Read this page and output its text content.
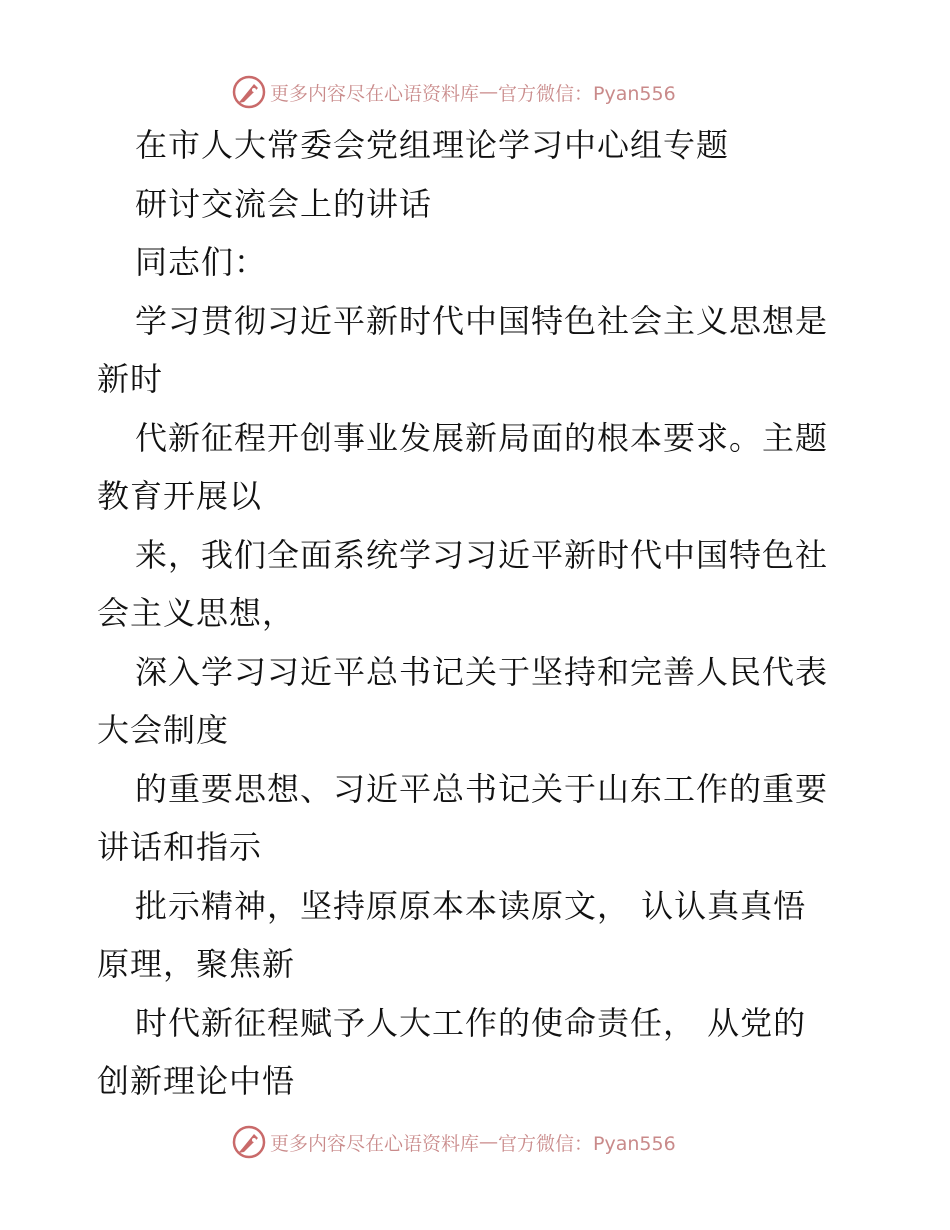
更多内容尽在心语资料库 — 官方微信：Pyan556
在市人大常委会党组理论学习中心组专题
研讨交流会上的讲话
同志们：
学习贯彻习近平新时代中国特色社会主义思想是
新时
代新征程开创事业发展新局面的根本要求。主题
教育开展以
来，我们全面系统学习习近平新时代中国特色社
会主义思想，
深入学习习近平总书记关于坚持和完善人民代表
大会制度
的重要思想、习近平总书记关于山东工作的重要
讲话和指示
批示精神，坚持原原本本读原文， 认认真真悟
原理，聚焦新
时代新征程赋予人大工作的使命责任， 从党的
创新理论中悟
更多内容尽在心语资料库 — 官方微信：Pyan556
